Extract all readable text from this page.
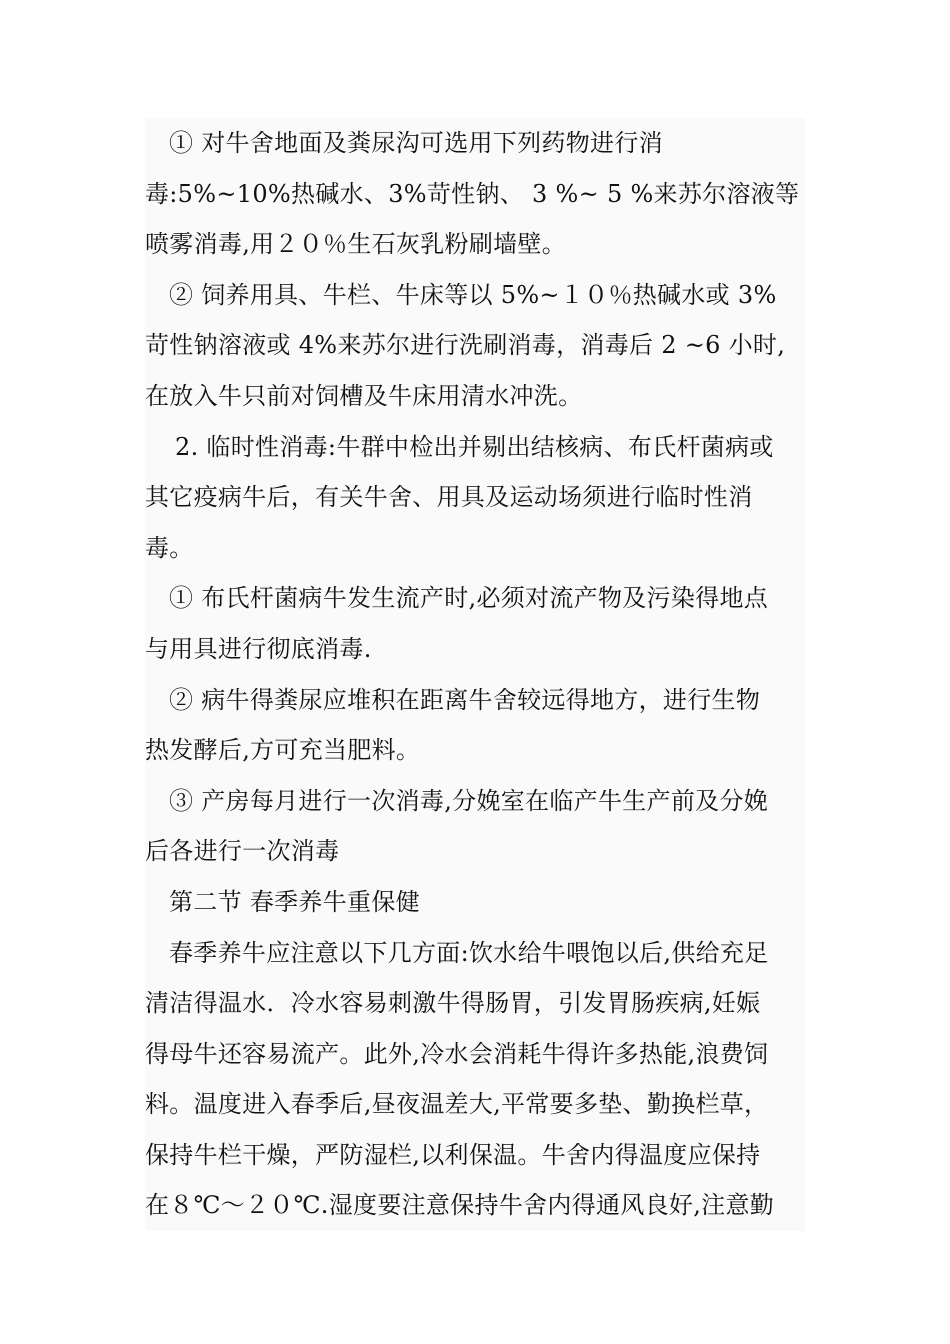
① 对牛舍地面及粪尿沟可选用下列药物进行消
毒:5%~10%热碱水、3%苛性钠、 3 %~ 5 %来苏尔溶液等
喷雾消毒,用２０％生石灰乳粉刷墙壁。
② 饲养用具、牛栏、牛床等以 5%~１０％热碱水或 3%
苛性钠溶液或 4%来苏尔进行洗刷消毒，消毒后 2 ~6 小时,
在放入牛只前对饲槽及牛床用清水冲洗。
2. 临时性消毒:牛群中检出并剔出结核病、布氏杆菌病或
其它疫病牛后，有关牛舍、用具及运动场须进行临时性消
毒。
① 布氏杆菌病牛发生流产时,必须对流产物及污染得地点
与用具进行彻底消毒.
② 病牛得粪尿应堆积在距离牛舍较远得地方，进行生物
热发酵后,方可充当肥料。
③ 产房每月进行一次消毒,分娩室在临产牛生产前及分娩
后各进行一次消毒
第二节 春季养牛重保健
春季养牛应注意以下几方面:饮水给牛喂饱以后,供给充足
清洁得温水．冷水容易刺激牛得肠胃，引发胃肠疾病,妊娠
得母牛还容易流产。此外,冷水会消耗牛得许多热能,浪费饲
料。温度进入春季后,昼夜温差大,平常要多垫、勤换栏草，
保持牛栏干燥，严防湿栏,以利保温。牛舍内得温度应保持
在８℃～２０℃.湿度要注意保持牛舍内得通风良好,注意勤
